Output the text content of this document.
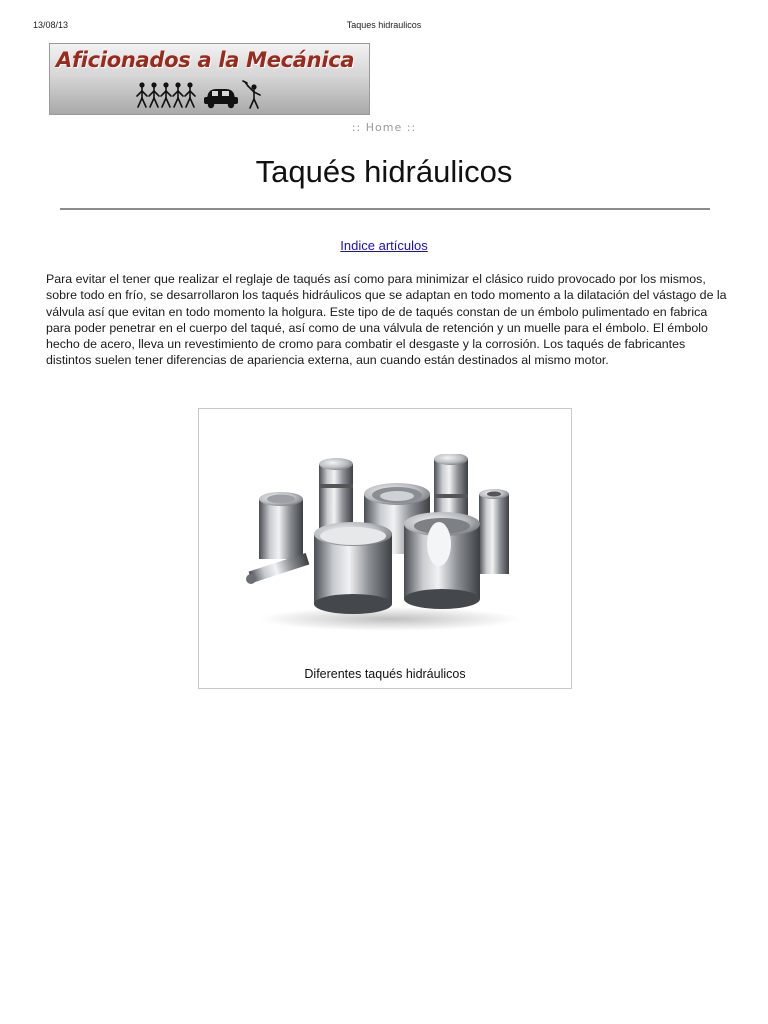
13/08/13	Taques hidraulicos
Aficionados a la Mecánica
:: Home ::
Taqués hidráulicos
Indice artículos

Para evitar el tener que realizar el reglaje de taqués así como para minimizar el clásico ruido provocado por los mismos, sobre todo en frío, se desarrollaron los taqués hidráulicos que se adaptan en todo momento a la dilatación del vástago de la válvula así que evitan en todo momento la holgura. Este tipo de de taqués constan de un émbolo pulimentado en fabrica para poder penetrar en el cuerpo del taqué, así como de una válvula de retención y un muelle para el émbolo. El émbolo hecho de acero, lleva un revestimiento de cromo para combatir el desgaste y la corrosión. Los taqués de fabricantes distintos suelen tener diferencias de apariencia externa, aun cuando están destinados al mismo motor.

Diferentes taqués hidráulicos
